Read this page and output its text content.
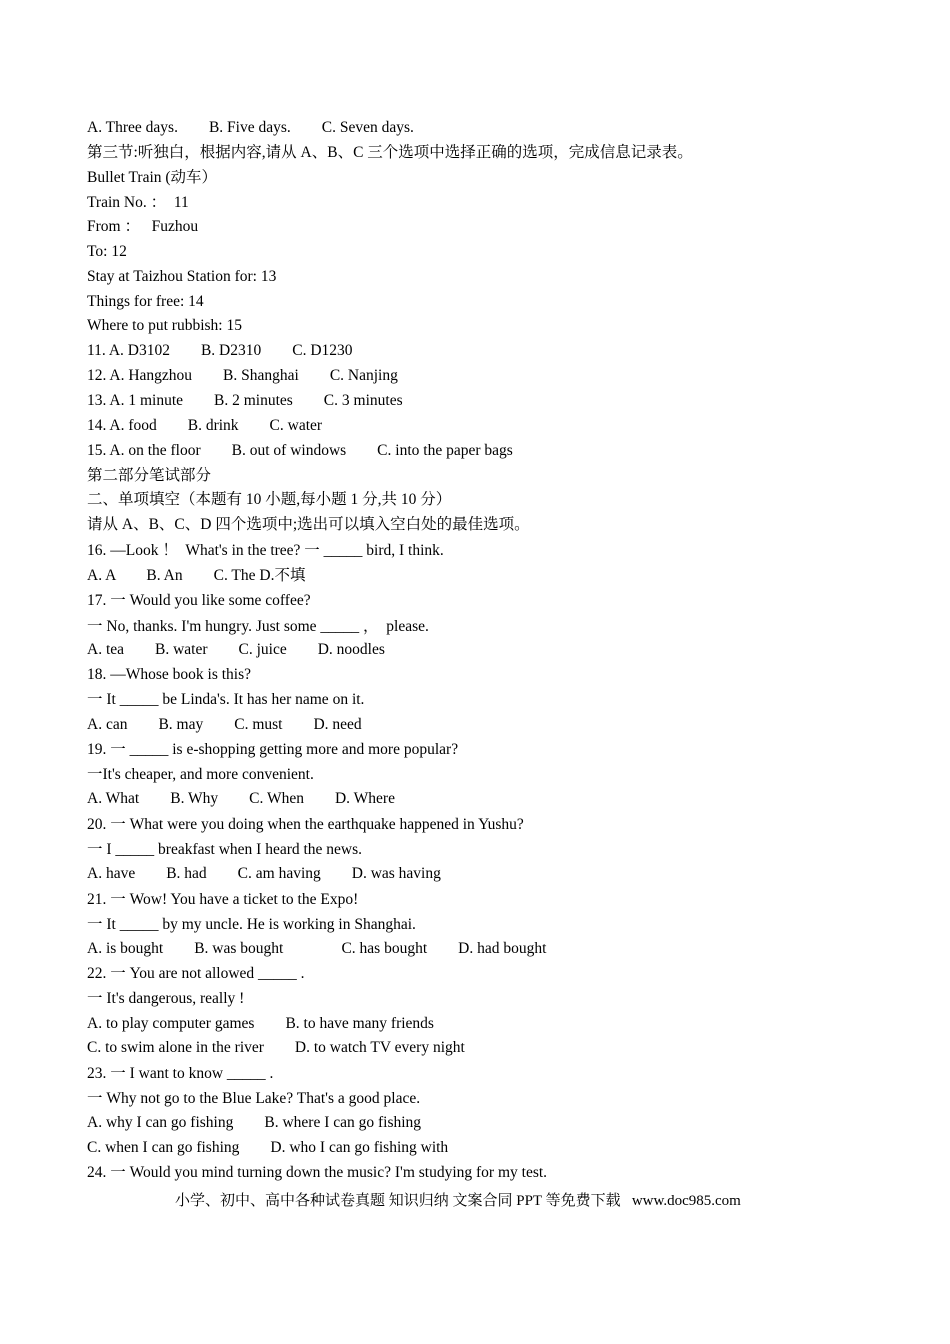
A. Three days.        B. Five days.        C. Seven days.
第三节:听独白，根据内容,请从 A、B、C 三个选项中选择正确的选项，完成信息记录表。
Bullet Train (动车）
Train No. ：  11
From ：   Fuzhou
To: 12
Stay at Taizhou Station for: 13
Things for free: 14
Where to put rubbish: 15
11. A. D3102        B. D2310        C. D1230
12. A. Hangzhou        B. Shanghai        C. Nanjing
13. A. 1 minute        B. 2 minutes        C. 3 minutes
14. A. food        B. drink        C. water
15. A. on the floor        B. out of windows        C. into the paper bags
第二部分笔试部分
二、单项填空（本题有 10 小题,每小题 1 分,共 10 分）
请从 A、B、C、D 四个选项中;选出可以填入空白处的最佳选项。
16. —Look ！  What's in the tree? 一 _____ bird, I think.
A. A        B. An        C. The D.不填
17. 一 Would you like some coffee?
一 No, thanks. I'm hungry. Just some _____ ，  please.
A. tea        B. water        C. juice        D. noodles
18. —Whose book is this?
一 It _____ be Linda's. It has her name on it.
A. can        B. may        C. must        D. need
19. 一 _____ is e-shopping getting more and more popular?
一It's cheaper, and more convenient.
A. What        B. Why        C. When        D. Where
20. 一 What were you doing when the earthquake happened in Yushu?
一 I _____ breakfast when I heard the news.
A. have        B. had        C. am having        D. was having
21. 一 Wow! You have a ticket to the Expo!
一 It _____ by my uncle. He is working in Shanghai.
A. is bought        B. was bought               C. has bought        D. had bought
22. 一 You are not allowed _____ .
一 It's dangerous, really !
A. to play computer games        B. to have many friends
C. to swim alone in the river        D. to watch TV every night
23. 一 I want to know _____ .
一 Why not go to the Blue Lake? That's a good place.
A. why I can go fishing        B. where I can go fishing
C. when I can go fishing        D. who I can go fishing with
24. 一 Would you mind turning down the music? I'm studying for my test.
小学、初中、高中各种试卷真题 知识归纳 文案合同 PPT 等免费下载   www.doc985.com
